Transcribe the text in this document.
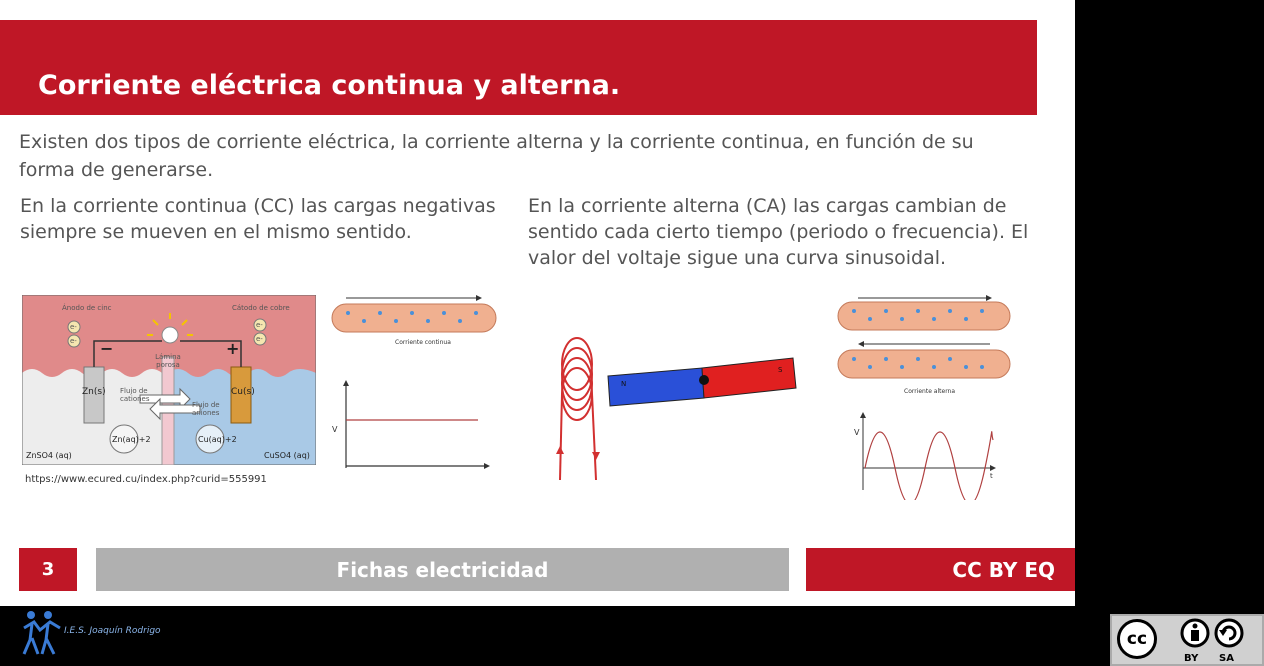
Corriente eléctrica continua y alterna.
Existen dos tipos de corriente eléctrica, la corriente alterna y la corriente continua, en función de su forma de generarse.
En la corriente continua (CC) las cargas negativas siempre se mueven en el mismo sentido.
En la corriente alterna (CA) las cargas cambian de sentido cada cierto tiempo (periodo o frecuencia). El valor del voltaje sigue una curva sinusoidal.
Ánodo de cinc	Cátodo de cobre
e-
e-
e-
e-
−	+
Lámina porosa
Zn(s)	Cu(s)
Flujo de cationes
Flujo de aniones
Zn(aq)+2	Cu(aq)+2
ZnSO4 (aq)	CuSO4 (aq)
https://www.ecured.cu/index.php?curid=555991
Corriente continua
V
N
S
Corriente alterna
V
t
3	Fichas electricidad	CC BY EQ
I.E.S. Joaquín Rodrigo	cc
BY SA
